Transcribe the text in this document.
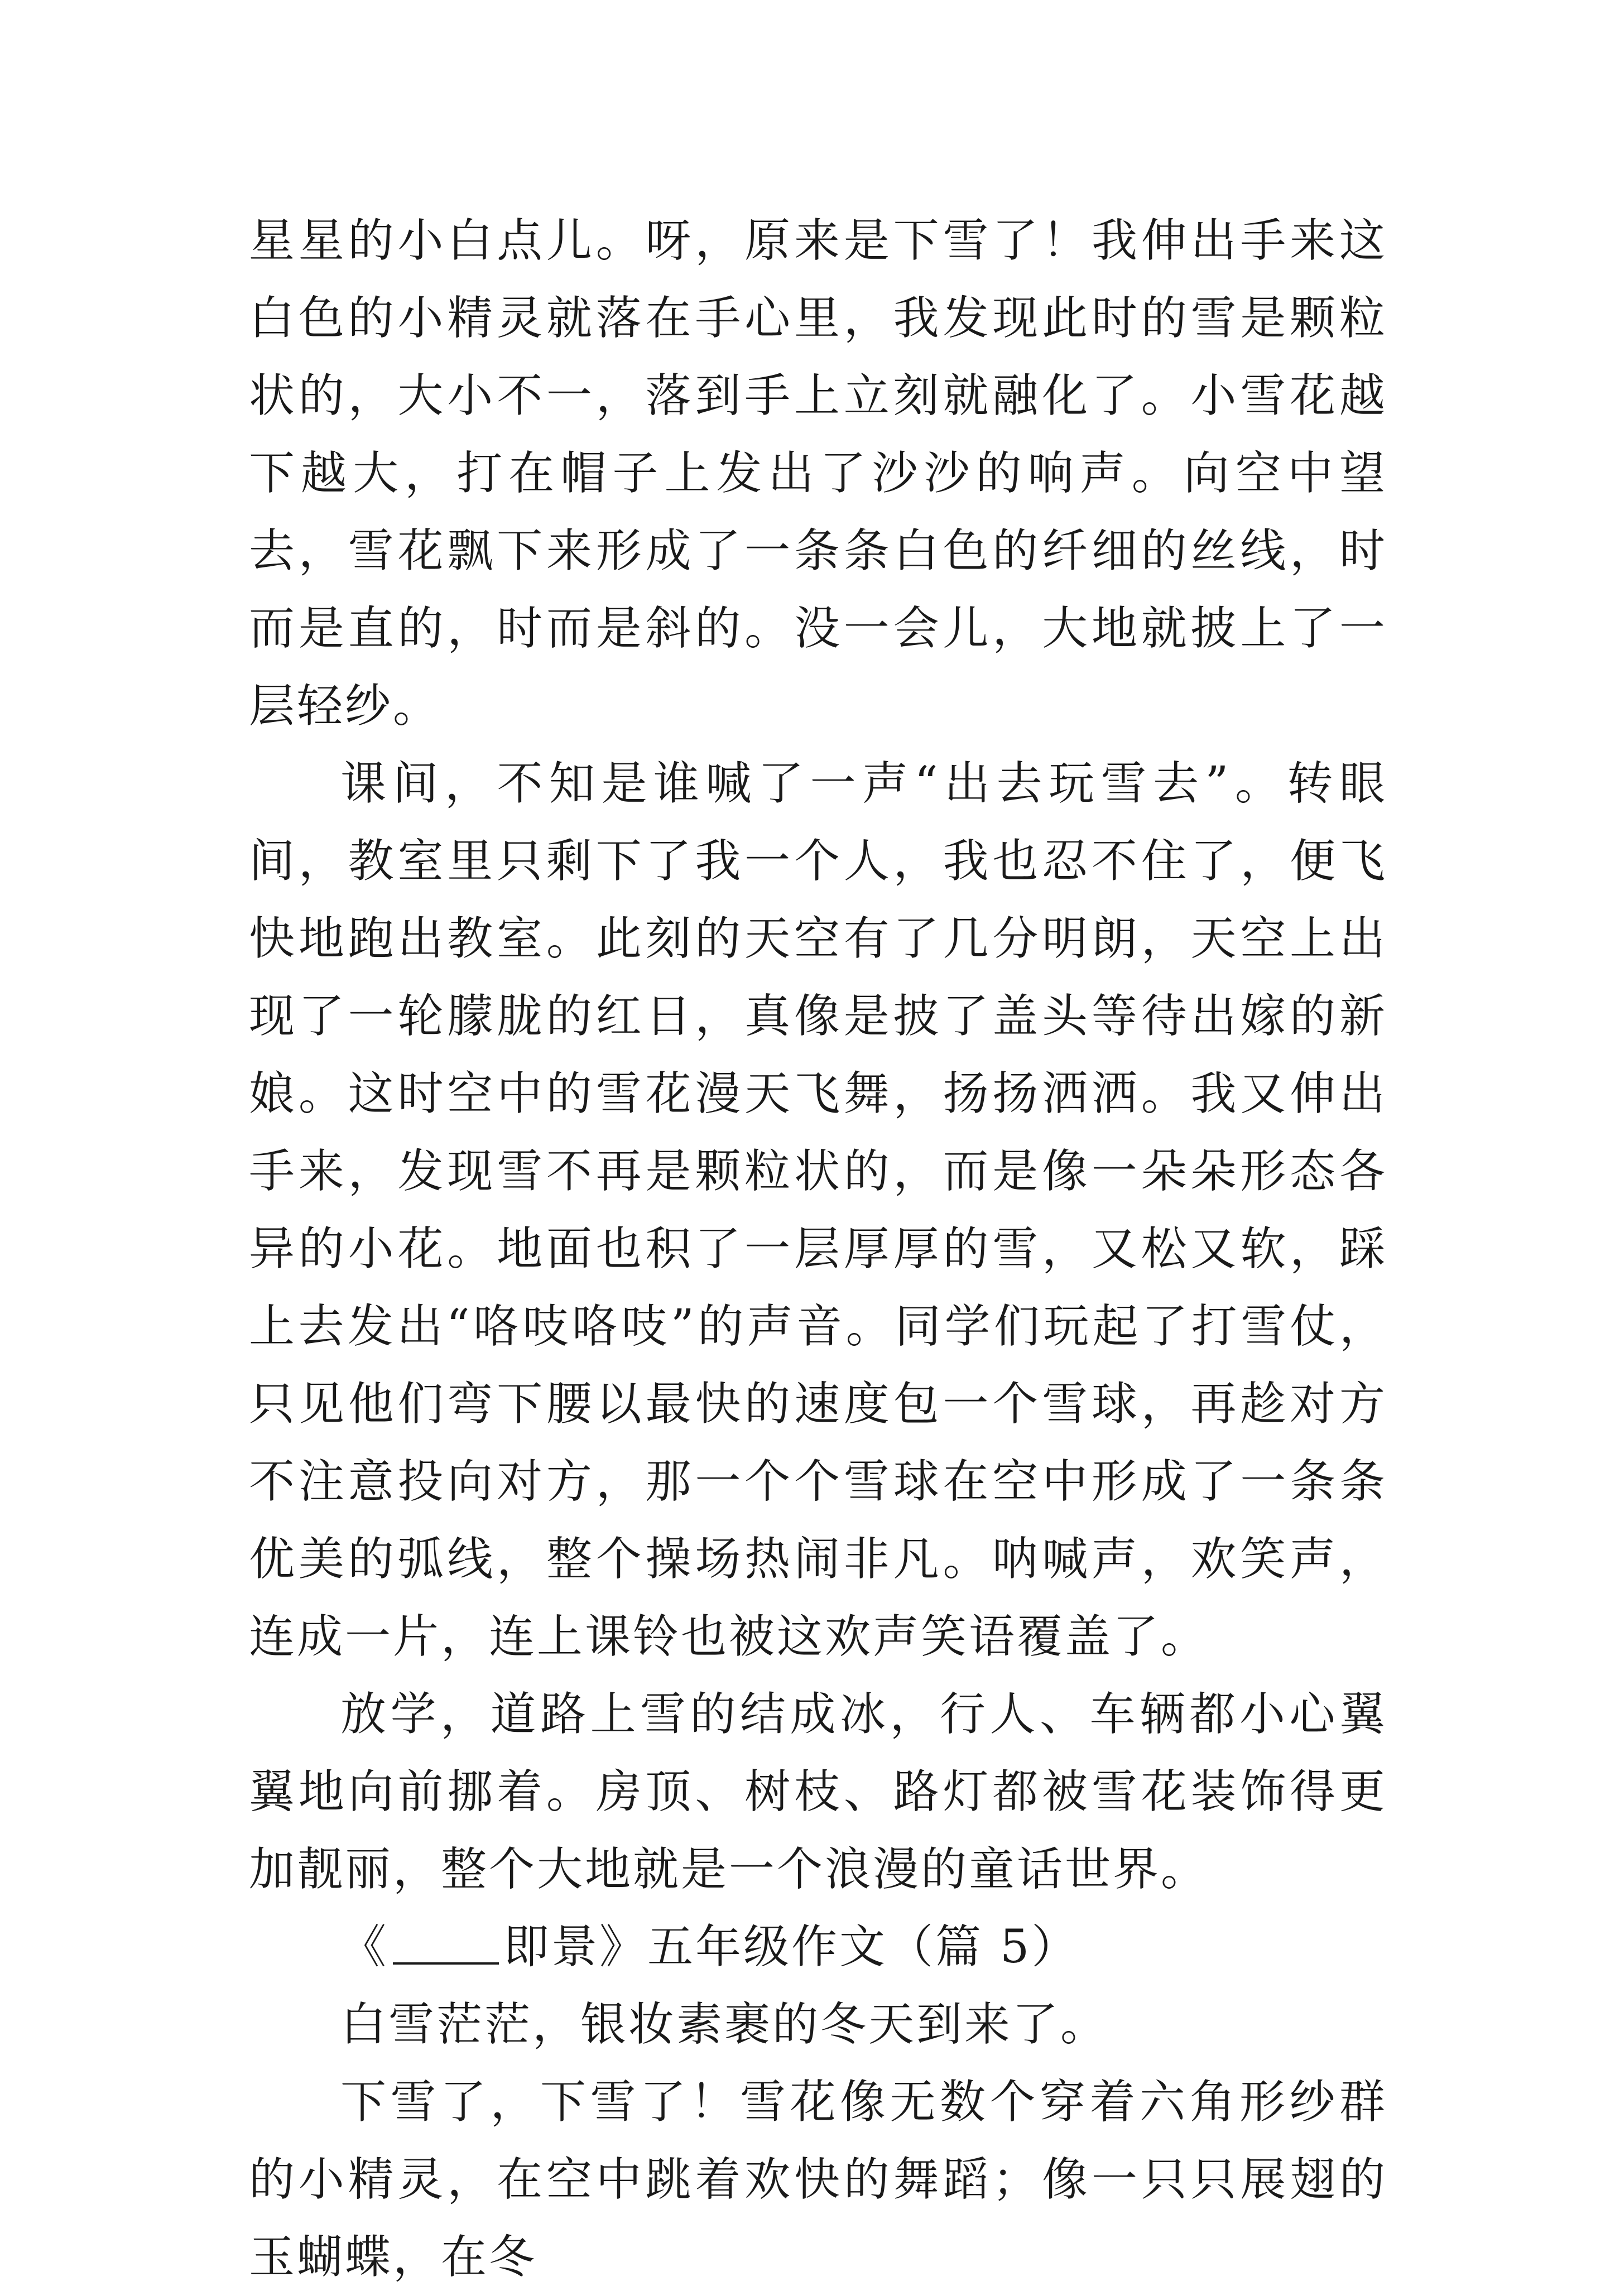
星星的小白点儿。呀，原来是下雪了！我伸出手来这白色的小精灵就落在手心里，我发现此时的雪是颗粒状的，大小不一，落到手上立刻就融化了。小雪花越下越大，打在帽子上发出了沙沙的响声。向空中望去，雪花飘下来形成了一条条白色的纤细的丝线，时而是直的，时而是斜的。没一会儿，大地就披上了一层轻纱。

课间，不知是谁喊了一声“出去玩雪去”。转眼间，教室里只剩下了我一个人，我也忍不住了，便飞快地跑出教室。此刻的天空有了几分明朗，天空上出现了一轮朦胧的红日，真像是披了盖头等待出嫁的新娘。这时空中的雪花漫天飞舞，扬扬洒洒。我又伸出手来，发现雪不再是颗粒状的，而是像一朵朵形态各异的小花。地面也积了一层厚厚的雪，又松又软，踩上去发出“咯吱咯吱”的声音。同学们玩起了打雪仗，只见他们弯下腰以最快的速度包一个雪球，再趁对方不注意投向对方，那一个个雪球在空中形成了一条条优美的弧线，整个操场热闹非凡。呐喊声，欢笑声，连成一片，连上课铃也被这欢声笑语覆盖了。

放学，道路上雪的结成冰，行人、车辆都小心翼翼地向前挪着。房顶、树枝、路灯都被雪花装饰得更加靓丽，整个大地就是一个浪漫的童话世界。

《	即景》五年级作文（篇 5）

白雪茫茫，银妆素裹的冬天到来了。

下雪了，下雪了！雪花像无数个穿着六角形纱群的小精灵，在空中跳着欢快的舞蹈；像一只只展翅的玉蝴蝶，在冬
